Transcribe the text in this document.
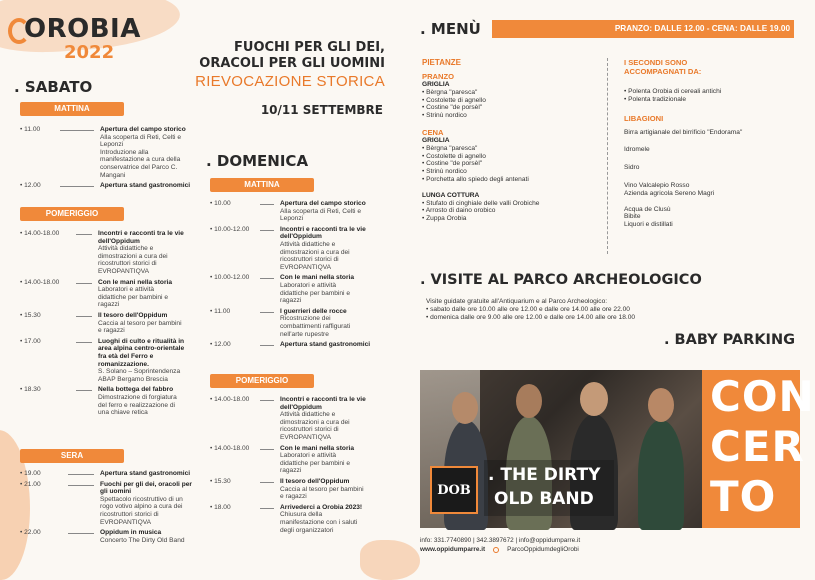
OROBIA
2022	FUOCHI PER GLI DEI,
ORACOLI PER GLI UOMINI
RIEVOCAZIONE STORICA
10/11 SETTEMBRE
. SABATO
MATTINA
• 11.00	Apertura del campo storico
Alla scoperta di Reti, Celti e
Leponzi
Introduzione alla
manifestazione a cura della
conservatrice del Parco C.
Mangani
• 12.00	Apertura stand gastronomici
POMERIGGIO
• 14.00-18.00	Incontri e racconti tra le vie
dell'Oppidum
Attività didattiche e
dimostrazioni a cura dei
ricostruttori storici di
EVROPANTIQVA
• 14.00-18.00	Con le mani nella storia
Laboratori e attività
didattiche per bambini e
ragazzi
• 15.30	Il tesoro dell'Oppidum
Caccia al tesoro per bambini
e ragazzi
• 17.00	Luoghi di culto e ritualità in
area alpina centro-orientale
fra età del Ferro e
romanizzazione.
S. Solano – Soprintendenza
ABAP Bergamo Brescia
• 18.30	Nella bottega del fabbro
Dimostrazione di forgiatura
del ferro e realizzazione di
una chiave retica
SERA
• 19.00	Apertura stand gastronomici
• 21.00	Fuochi per gli dei, oracoli per
gli uomini
Spettacolo ricostruttivo di un
rogo votivo alpino a cura dei
ricostruttori storici di
EVROPANTIQVA
• 22.00	Oppidum in musica
Concerto The Dirty Old Band
. DOMENICA
MATTINA
• 10.00	Apertura del campo storico
Alla scoperta di Reti, Celti e
Leponzi
• 10.00-12.00	Incontri e racconti tra le vie
dell'Oppidum
Attività didattiche e
dimostrazioni a cura dei
ricostruttori storici di
EVROPANTIQVA
• 10.00-12.00	Con le mani nella storia
Laboratori e attività
didattiche per bambini e
ragazzi
• 11.00	I guerrieri delle rocce
Ricostruzione dei
combattimenti raffigurati
nell'arte rupestre
• 12.00	Apertura stand gastronomici
POMERIGGIO
• 14.00-18.00	Incontri e racconti tra le vie
dell'Oppidum
Attività didattiche e
dimostrazioni a cura dei
ricostruttori storici di
EVROPANTIQVA
• 14.00-18.00	Con le mani nella storia
Laboratori e attività
didattiche per bambini e
ragazzi
• 15.30	Il tesoro dell'Oppidum
Caccia al tesoro per bambini
e ragazzi
• 18.00	Arrivederci a Orobia 2023!
Chiusura della
manifestazione con i saluti
degli organizzatori
. MENÙ	PRANZO: DALLE 12.00 - CENA: DALLE 19.00
PIETANZE
PRANZO
GRIGLIA
• Bèrgna "paresca"
• Costolette di agnello
• Costine "de porsèl"
• Strinù nordico
CENA
GRIGLIA
• Bèrgna "paresca"
• Costolette di agnello
• Costine "de porsèl"
• Strinù nordico
• Porchetta allo spiedo degli antenati
LUNGA COTTURA
• Stufato di cinghiale delle valli Orobiche
• Arrosto di daino orobico
• Zuppa Orobia
I SECONDI SONO
ACCOMPAGNATI DA:
• Polenta Orobia di cereali antichi
• Polenta tradizionale
LIBAGIONI
Birra artigianale del birrificio "Endorama"
Idromele
Sidro
Vino Valcalepio Rosso
Azienda agricola Sereno Magri
Acqua de Clusù
Bibite
Liquori e distillati
. VISITE AL PARCO ARCHEOLOGICO
Visite guidate gratuite all'Antiquarium e al Parco Archeologico:
• sabato dalle ore 10.00 alle ore 12.00 e dalle ore 14.00 alle ore 22.00
• domenica dalle ore 9.00 alle ore 12.00 e dalle ore 14.00 alle ore 18.00
. BABY PARKING
DOB
. THE DIRTY
OLD BAND
CON
CER
TO
info: 331.7740890 | 342.3897672 | info@oppidumparre.it
www.oppidumparre.it	ParcoOppidumdegliOrobi
